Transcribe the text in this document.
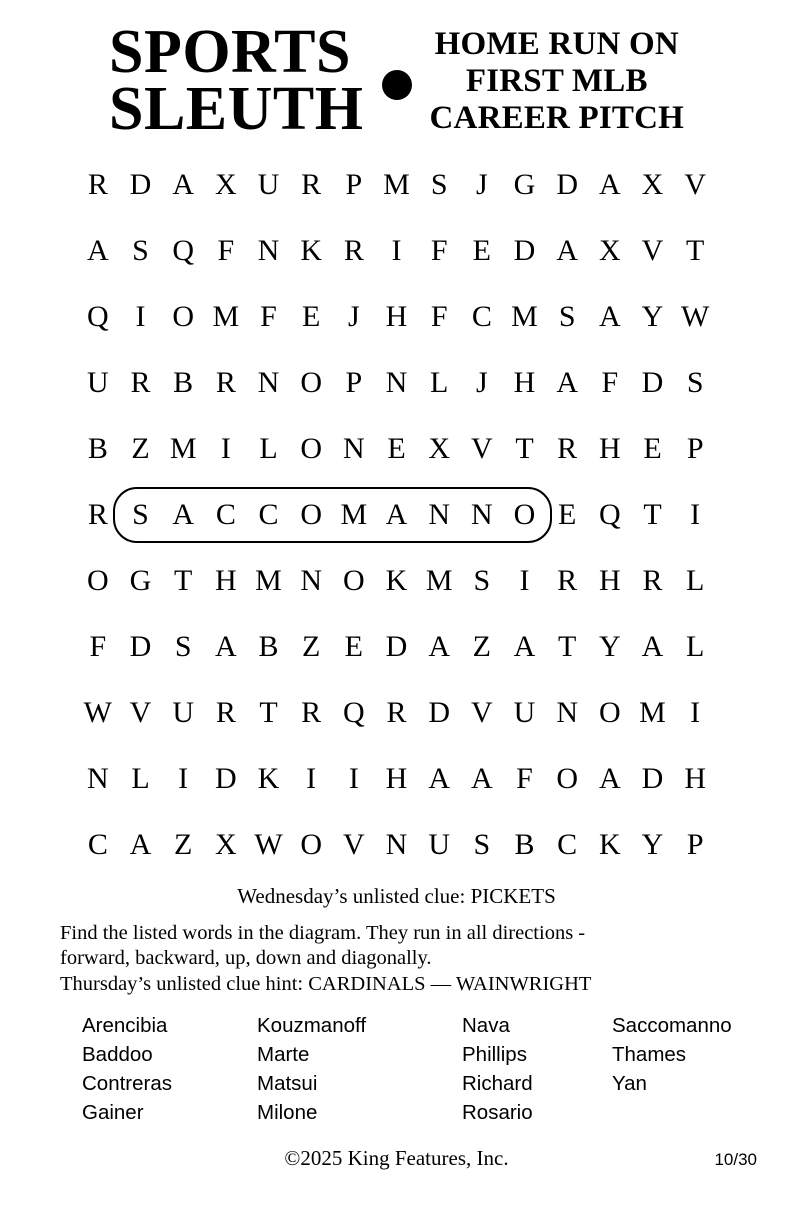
SPORTS
SLEUTH
HOME RUN ON
FIRST MLB
CAREER PITCH
R D A X U R P M S J G D A X V
A S Q F N K R I F E D A X V T
Q I O M F E J H F C M S A Y W
U R B R N O P N L J H A F D S
B Z M I L O N E X V T R H E P
R S A C C O M A N N O E Q T I
O G T H M N O K M S I R H R L
F D S A B Z E D A Z A T Y A L
W V U R T R Q R D V U N O M I
N L I D K I	I H A A F O A D H
C A Z X W O V N U S B C K Y P
Wednesday’s unlisted clue: PICKETS
Find the listed words in the diagram. They run in all directions -
forward, backward, up, down and diagonally.
Thursday’s unlisted clue hint: CARDINALS — WAINWRIGHT
Arencibia
Baddoo
Contreras
Gainer
Kouzmanoff
Marte
Matsui
Milone
Nava
Phillips
Richard
Rosario
Saccomanno
Thames
Yan
©2025 King Features, Inc.	10/30
